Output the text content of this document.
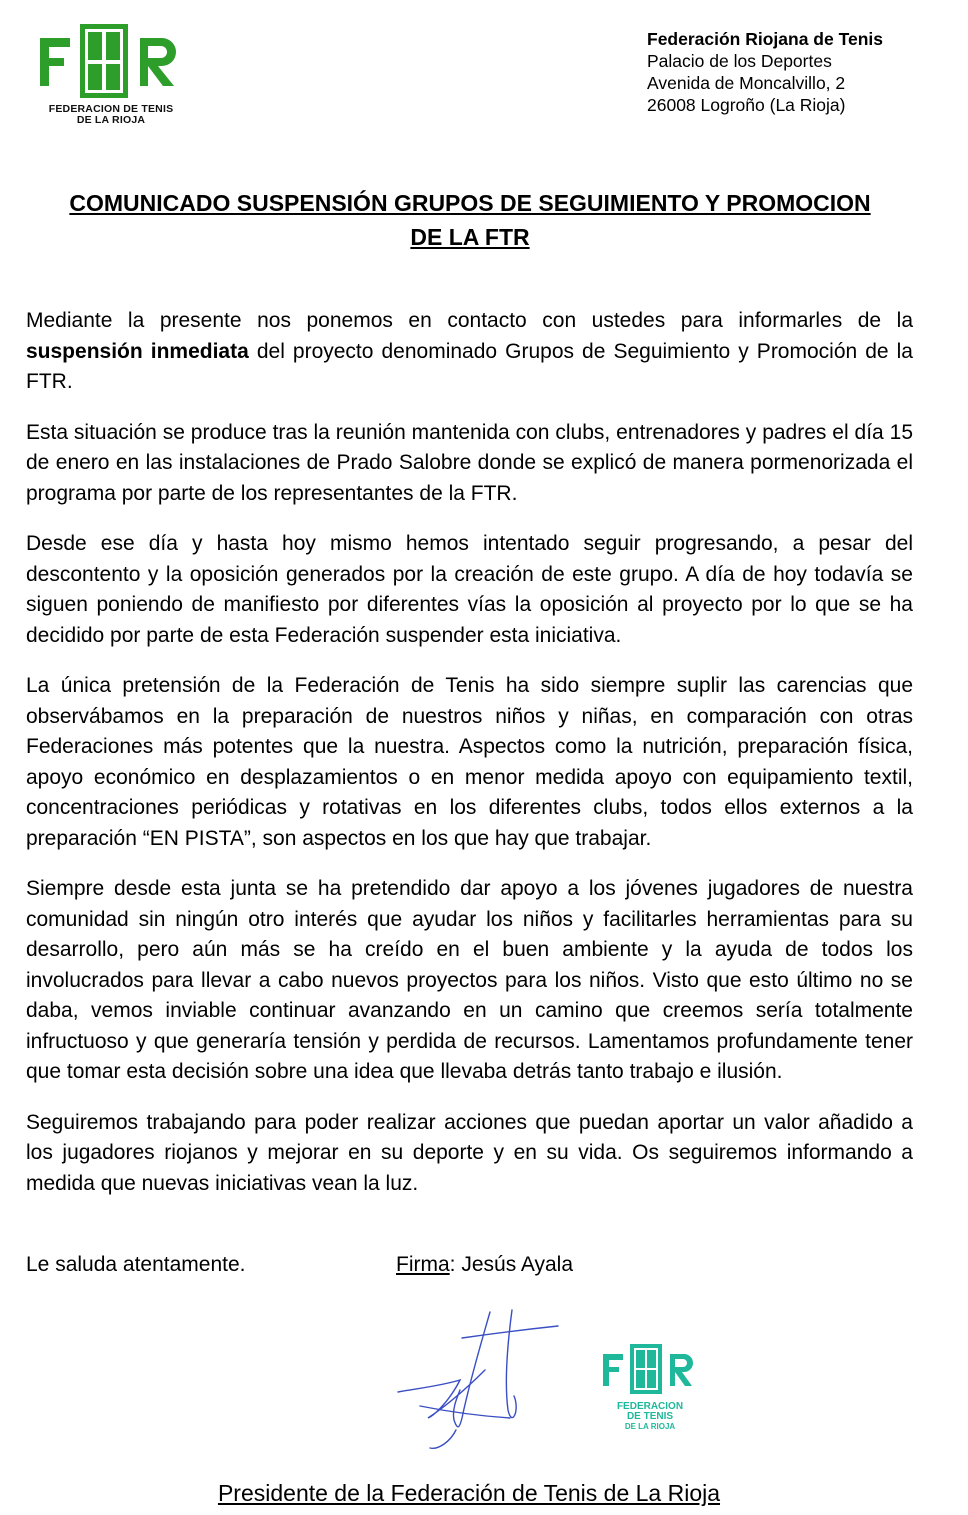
FEDERACION DE TENIS
DE LA RIOJA
Federación Riojana de Tenis
Palacio de los Deportes
Avenida de Moncalvillo, 2
26008 Logroño (La Rioja)
COMUNICADO SUSPENSIÓN GRUPOS DE SEGUIMIENTO Y PROMOCION
DE LA FTR

Mediante la presente nos ponemos en contacto con ustedes para informarles de la suspensión inmediata del proyecto denominado Grupos de Seguimiento y Promoción de la FTR.

Esta situación se produce tras la reunión mantenida con clubs, entrenadores y padres el día 15 de enero en las instalaciones de Prado Salobre donde se explicó de manera pormenorizada el programa por parte de los representantes de la FTR.

Desde ese día y hasta hoy mismo hemos intentado seguir progresando, a pesar del descontento y la oposición generados por la creación de este grupo. A día de hoy todavía se siguen poniendo de manifiesto por diferentes vías la oposición al proyecto por lo que se ha decidido por parte de esta Federación suspender esta iniciativa.

La única pretensión de la Federación de Tenis ha sido siempre suplir las carencias que observábamos en la preparación de nuestros niños y niñas, en comparación con otras Federaciones más potentes que la nuestra. Aspectos como la nutrición, preparación física, apoyo económico en desplazamientos o en menor medida apoyo con equipamiento textil, concentraciones periódicas y rotativas en los diferentes clubs, todos ellos externos a la preparación “EN PISTA”, son aspectos en los que hay que trabajar.

Siempre desde esta junta se ha pretendido dar apoyo a los jóvenes jugadores de nuestra comunidad sin ningún otro interés que ayudar los niños y facilitarles herramientas para su desarrollo, pero aún más se ha creído en el buen ambiente y la ayuda de todos los involucrados para llevar a cabo nuevos proyectos para los niños. Visto que esto último no se daba, vemos inviable continuar avanzando en un camino que creemos sería totalmente infructuoso y que generaría tensión y perdida de recursos. Lamentamos profundamente tener que tomar esta decisión sobre una idea que llevaba detrás tanto trabajo e ilusión.

Seguiremos trabajando para poder realizar acciones que puedan aportar un valor añadido a los jugadores riojanos y mejorar en su deporte y en su vida. Os seguiremos informando a medida que nuevas iniciativas vean la luz.

Le saluda atentamente.	Firma: Jesús Ayala
FEDERACION
DE TENIS
DE LA RIOJA
Presidente de la Federación de Tenis de La Rioja
